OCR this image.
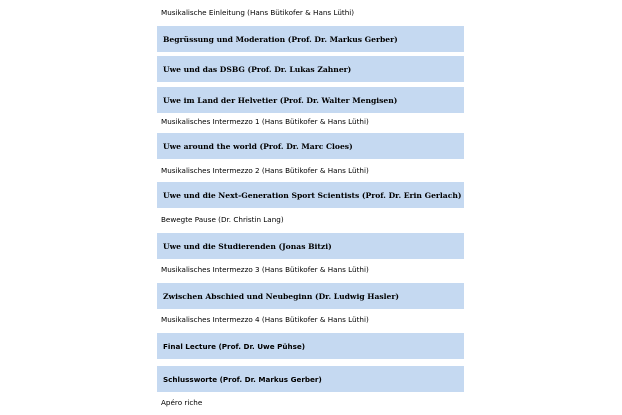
Musikalische Einleitung (Hans Bütikofer & Hans Lüthi)
Begrüssung und Moderation (Prof. Dr. Markus Gerber)
Uwe und das DSBG (Prof. Dr. Lukas Zahner)
Uwe im Land der Helvetier (Prof. Dr. Walter Mengisen)
Musikalisches Intermezzo 1 (Hans Bütikofer & Hans Lüthi)
Uwe around the world (Prof. Dr. Marc Cloes)
Musikalisches Intermezzo 2 (Hans Bütikofer & Hans Lüthi)
Uwe und die Next-Generation Sport Scientists (Prof. Dr. Erin Gerlach)
Bewegte Pause (Dr. Christin Lang)
Uwe und die Studierenden (Jonas Bitzi)
Musikalisches Intermezzo 3 (Hans Bütikofer & Hans Lüthi)
Zwischen Abschied und Neubeginn (Dr. Ludwig Hasler)
Musikalisches Intermezzo 4 (Hans Bütikofer & Hans Lüthi)
Final Lecture (Prof. Dr. Uwe Pühse)
Schlussworte (Prof. Dr. Markus Gerber)
Apéro riche
